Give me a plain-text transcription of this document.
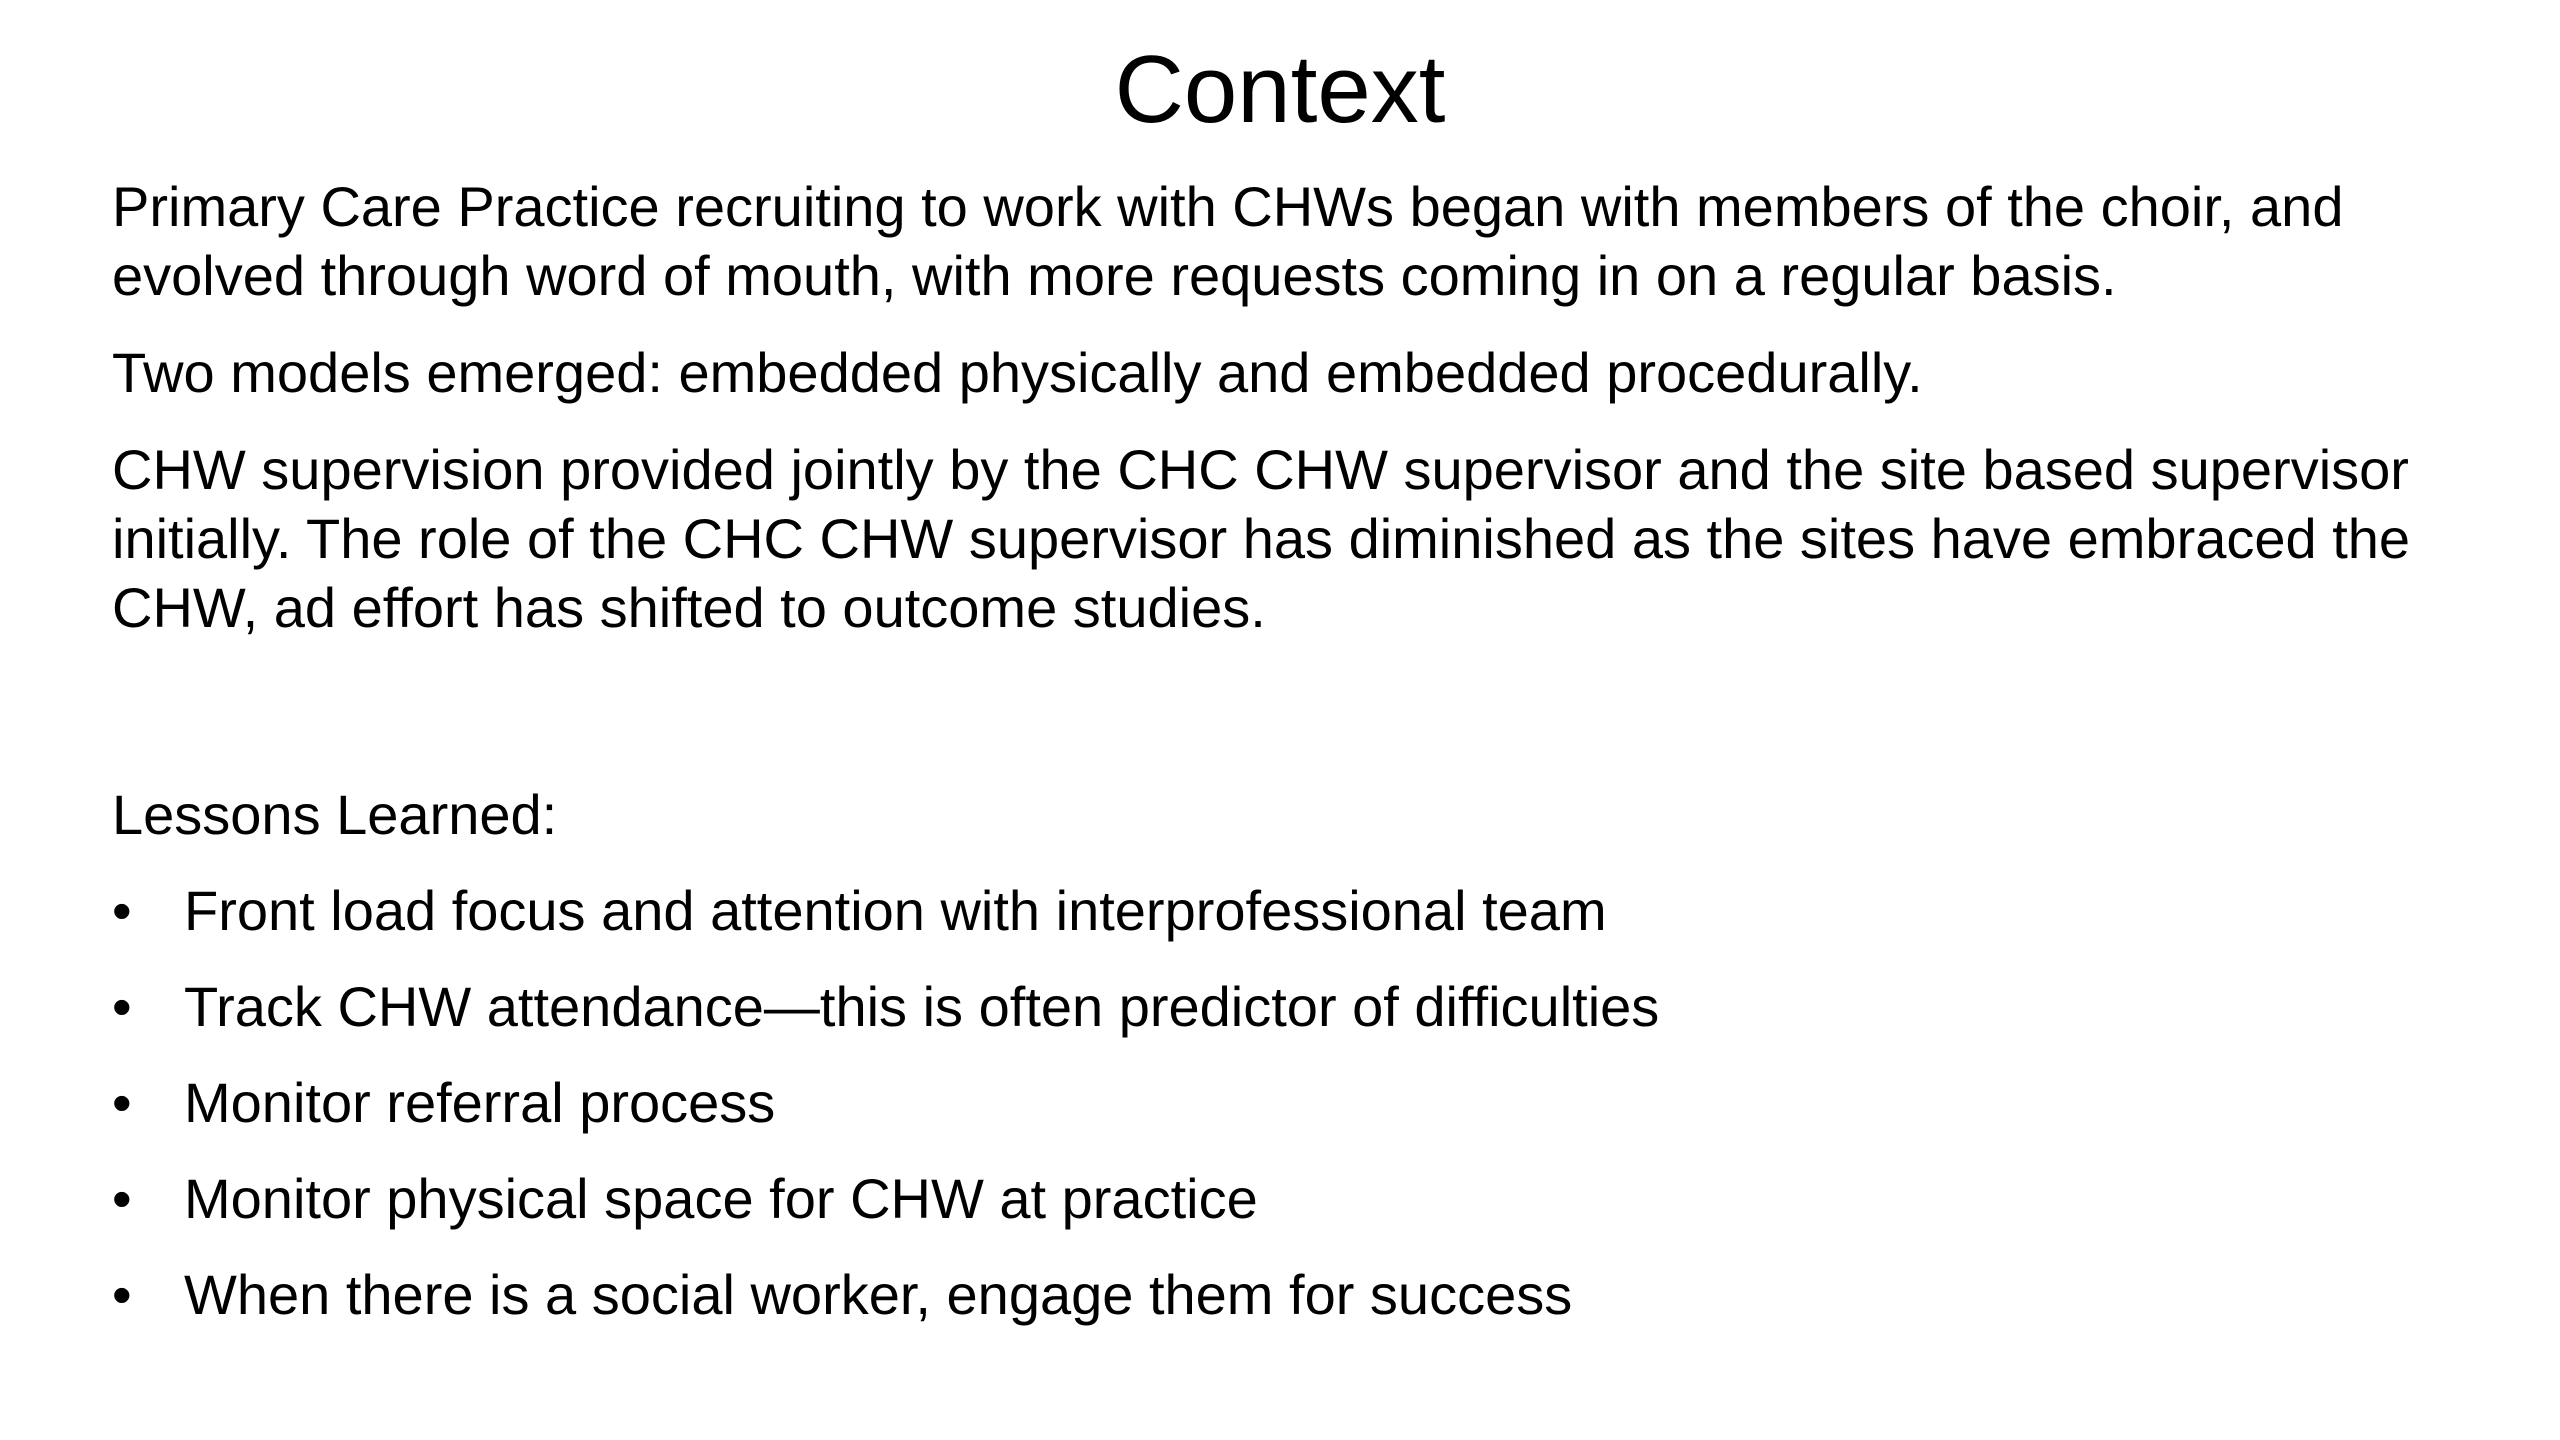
Context

Primary Care Practice recruiting to work with CHWs began with members of the choir, and evolved through word of mouth, with more requests coming in on a regular basis.

Two models emerged: embedded physically and embedded procedurally.

CHW supervision provided jointly by the CHC CHW supervisor and the site based supervisor initially. The role of the CHC CHW supervisor has diminished as the sites have embraced the CHW, ad effort has shifted to outcome studies.

Lessons Learned:

• Front load focus and attention with interprofessional team
• Track CHW attendance—this is often predictor of difficulties
• Monitor referral process
• Monitor physical space for CHW at practice
• When there is a social worker, engage them for success
